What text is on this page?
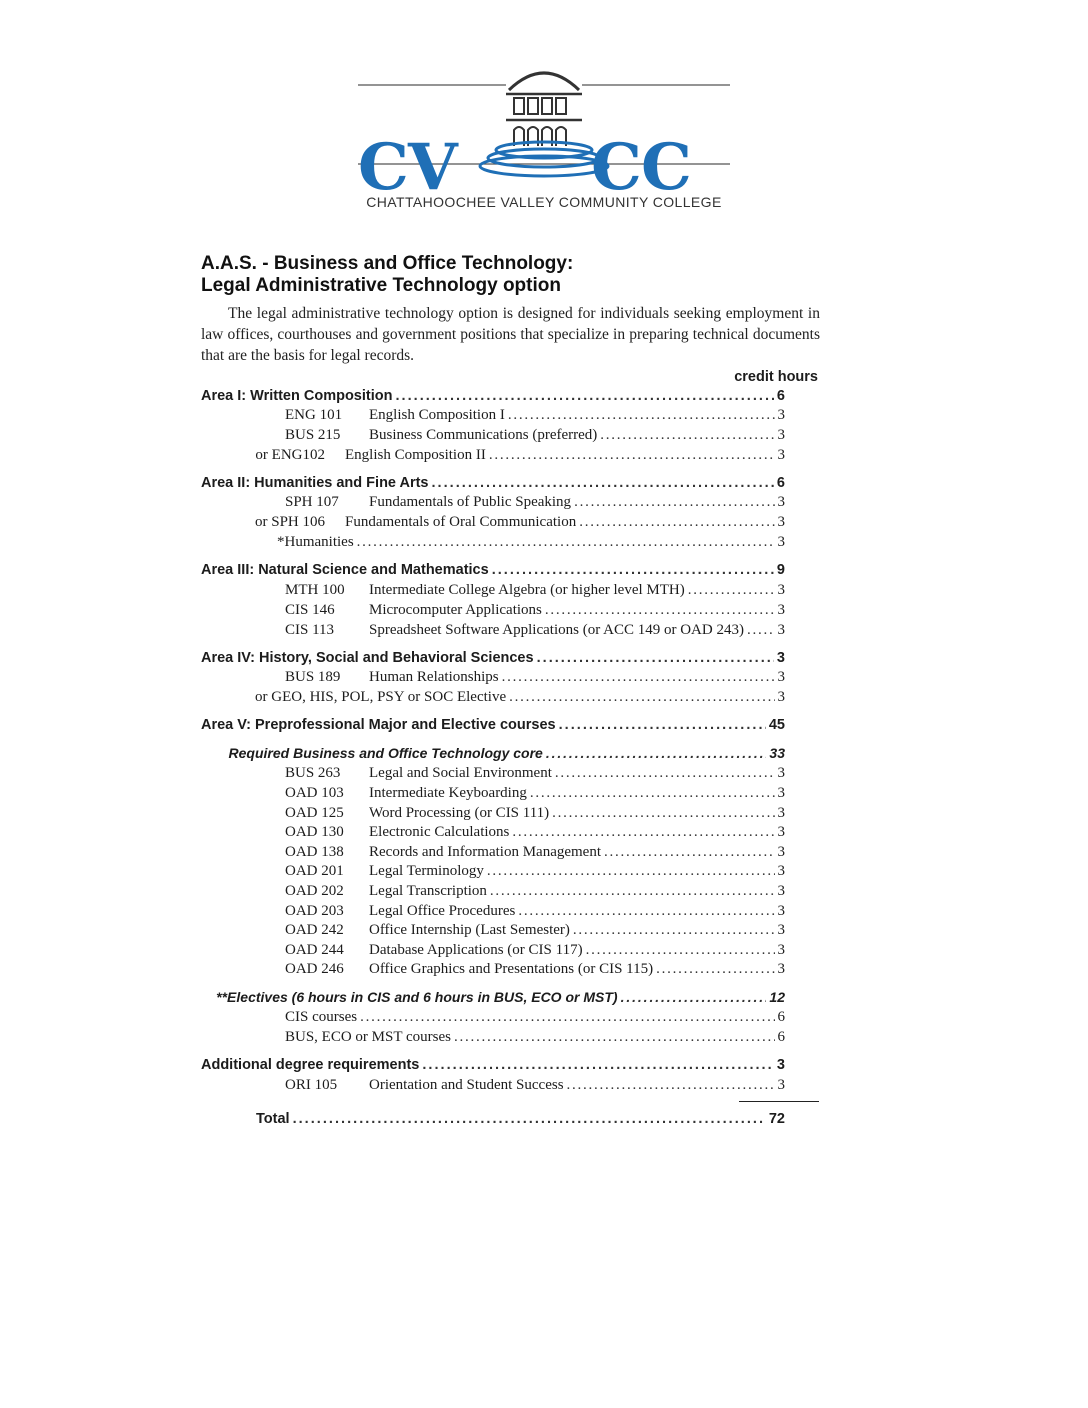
CV CC
CHATTAHOOCHEE VALLEY COMMUNITY COLLEGE
A.A.S. - Business and Office Technology:
Legal Administrative Technology option

The legal administrative technology option is designed for individuals seeking employment in law offices, courthouses and government positions that specialize in preparing technical documents that are the basis for legal records.

credit hours
Area I: Written Composition . . .	6
ENG 101	English Composition I . . .	3
BUS 215	Business Communications (preferred) . . .	3
or ENG102	English Composition II . . .	3
Area II: Humanities and Fine Arts . . .	6
SPH 107	Fundamentals of Public Speaking . . .	3
or SPH 106	Fundamentals of Oral Communication . . .	3
*Humanities . . .	3
Area III: Natural Science and Mathematics . . .	9
MTH 100	Intermediate College Algebra (or higher level MTH) . . .	3
CIS 146	Microcomputer Applications . . .	3
CIS 113	Spreadsheet Software Applications (or ACC 149 or OAD 243) . . . 3
Area IV: History, Social and Behavioral Sciences . . .	3
BUS 189	Human Relationships . . .	3
or GEO, HIS, POL, PSY or SOC Elective . . .	3
Area V: Preprofessional Major and Elective courses . . .	45
Required Business and Office Technology core . . .	33
BUS 263	Legal and Social Environment . . .	3
OAD 103	Intermediate Keyboarding . . .	3
OAD 125	Word Processing (or CIS 111) . . .	3
OAD 130	Electronic Calculations . . .	3
OAD 138	Records and Information Management . . .	3
OAD 201	Legal Terminology . . .	3
OAD 202	Legal Transcription . . .	3
OAD 203	Legal Office Procedures . . .	3
OAD 242	Office Internship (Last Semester) . . .	3
OAD 244	Database Applications (or CIS 117) . . .	3
OAD 246	Office Graphics and Presentations (or CIS 115) . . .	3
**Electives (6 hours in CIS and 6 hours in BUS, ECO or MST) . . .	12
CIS courses . . .	6
BUS, ECO or MST courses . . .	6
Additional degree requirements . . .	3
ORI 105	Orientation and Student Success . . .	3
Total . . .	72
